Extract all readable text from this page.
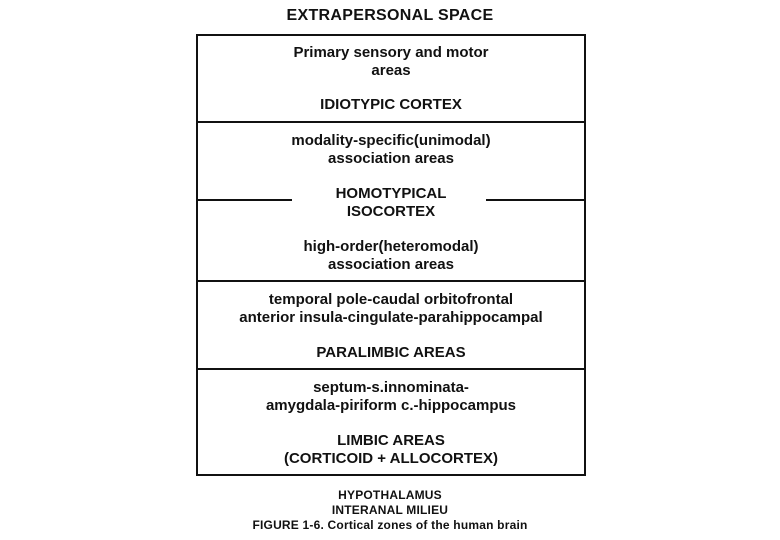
EXTRAPERSONAL SPACE
Primary sensory and motor
areas
IDIOTYPIC CORTEX
modality-specific(unimodal)
association areas
HOMOTYPICAL
ISOCORTEX
high-order(heteromodal)
association areas
temporal pole-caudal orbitofrontal
anterior insula-cingulate-parahippocampal
PARALIMBIC AREAS
septum-s.innominata-
amygdala-piriform c.-hippocampus
LIMBIC AREAS
(CORTICOID + ALLOCORTEX)
HYPOTHALAMUS
INTERANAL MILIEU
FIGURE 1-6. Cortical zones of the human brain
